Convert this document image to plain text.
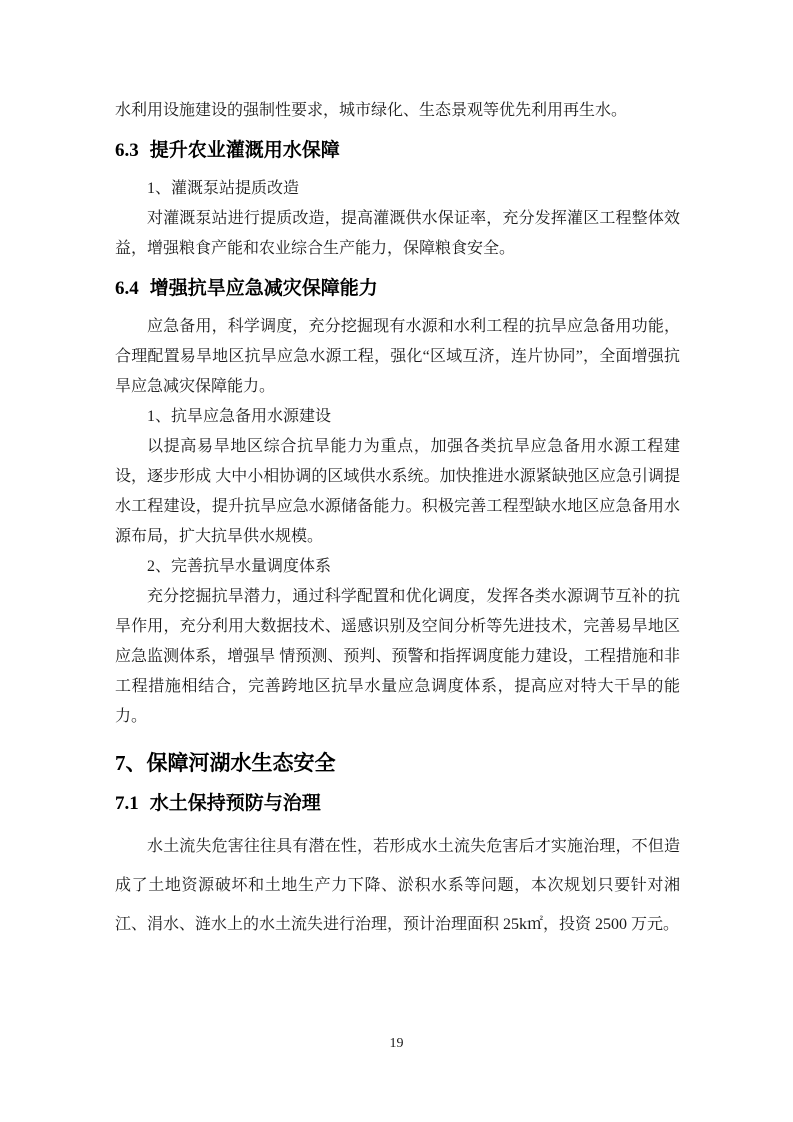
水利用设施建设的强制性要求，城市绿化、生态景观等优先利用再生水。

6.3 提升农业灌溉用水保障

1、灌溉泵站提质改造

对灌溉泵站进行提质改造，提高灌溉供水保证率，充分发挥灌区工程整体效益，增强粮食产能和农业综合生产能力，保障粮食安全。

6.4 增强抗旱应急减灾保障能力

应急备用，科学调度，充分挖掘现有水源和水利工程的抗旱应急备用功能，合理配置易旱地区抗旱应急水源工程，强化“区域互济，连片协同”，全面增强抗旱应急减灾保障能力。

1、抗旱应急备用水源建设

以提高易旱地区综合抗旱能力为重点，加强各类抗旱应急备用水源工程建设，逐步形成 大中小相协调的区域供水系统。加快推进水源紧缺弛区应急引调提水工程建设，提升抗旱应急水源储备能力。积极完善工程型缺水地区应急备用水源布局，扩大抗旱供水规模。

2、完善抗旱水量调度体系

充分挖掘抗旱潜力，通过科学配置和优化调度，发挥各类水源调节互补的抗旱作用，充分利用大数据技术、遥感识别及空间分析等先进技术，完善易旱地区应急监测体系，增强旱 情预测、预判、预警和指挥调度能力建设，工程措施和非工程措施相结合，完善跨地区抗旱水量应急调度体系，提高应对特大干旱的能力。

7、保障河湖水生态安全
7.1 水土保持预防与治理

水土流失危害往往具有潜在性，若形成水土流失危害后才实施治理，不但造成了土地资源破坏和土地生产力下降、淤积水系等问题，本次规划只要针对湘江、涓水、涟水上的水土流失进行治理，预计治理面积 25k㎡，投资 2500 万元。

19
